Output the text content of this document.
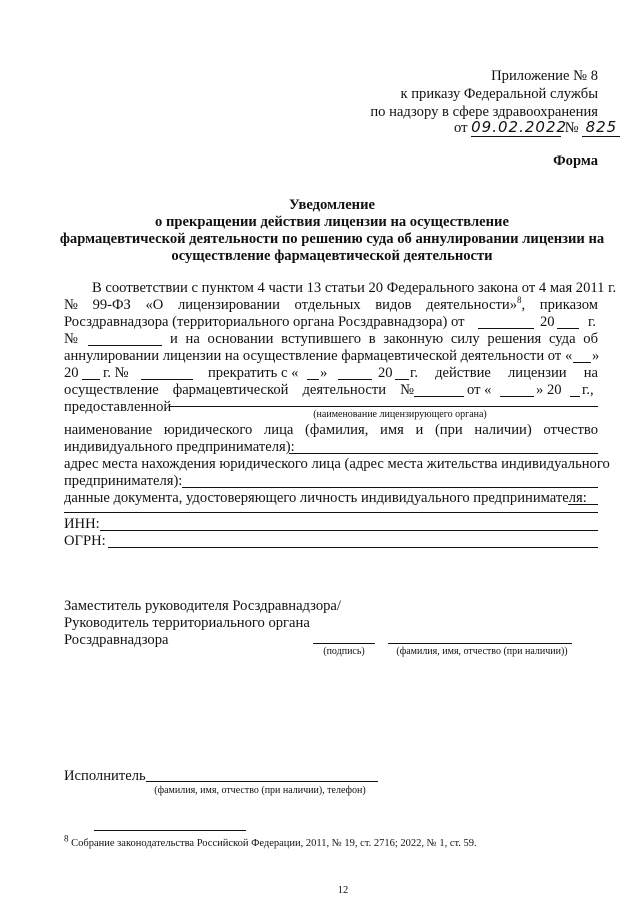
Приложение № 8
к приказу Федеральной службы
по надзору в сфере здравоохранения
от 09.02.2022 № 825
Форма
Уведомление
о прекращении действия лицензии на осуществление
фармацевтической деятельности по решению суда об аннулировании лицензии на
осуществление фармацевтической деятельности
В соответствии с пунктом 4 части 13 статьи 20 Федерального закона от 4 мая 2011 г.
№ 99-ФЗ «О лицензировании отдельных видов деятельности»$^8$, приказом
Росздравнадзора (территориального органа Росздравнадзора) от	20 г.
№	и на основании вступившего в законную силу решения суда об
аннулировании лицензии на осуществление фармацевтической деятельности от « »
20 г. №	прекратить с « »	20 г. действие лицензии на
осуществление фармацевтической деятельности №	от «	» 20 г.,
предоставленной	(наименование лицензирующего органа)
наименование юридического лица (фамилия, имя и (при наличии) отчество
индивидуального предпринимателя):
адрес места нахождения юридического лица (адрес места жительства индивидуального
предпринимателя):
данные документа, удостоверяющего личность индивидуального предпринимателя:
ИНН:
ОГРН:
Заместитель руководителя Росздравнадзора/
Руководитель территориального органа
Росздравнадзора
(подпись)	(фамилия, имя, отчество (при наличии))
Исполнитель
(фамилия, имя, отчество (при наличии), телефон)
$^8$ Собрание законодательства Российской Федерации, 2011, № 19, ст. 2716; 2022, № 1, ст. 59.
12
